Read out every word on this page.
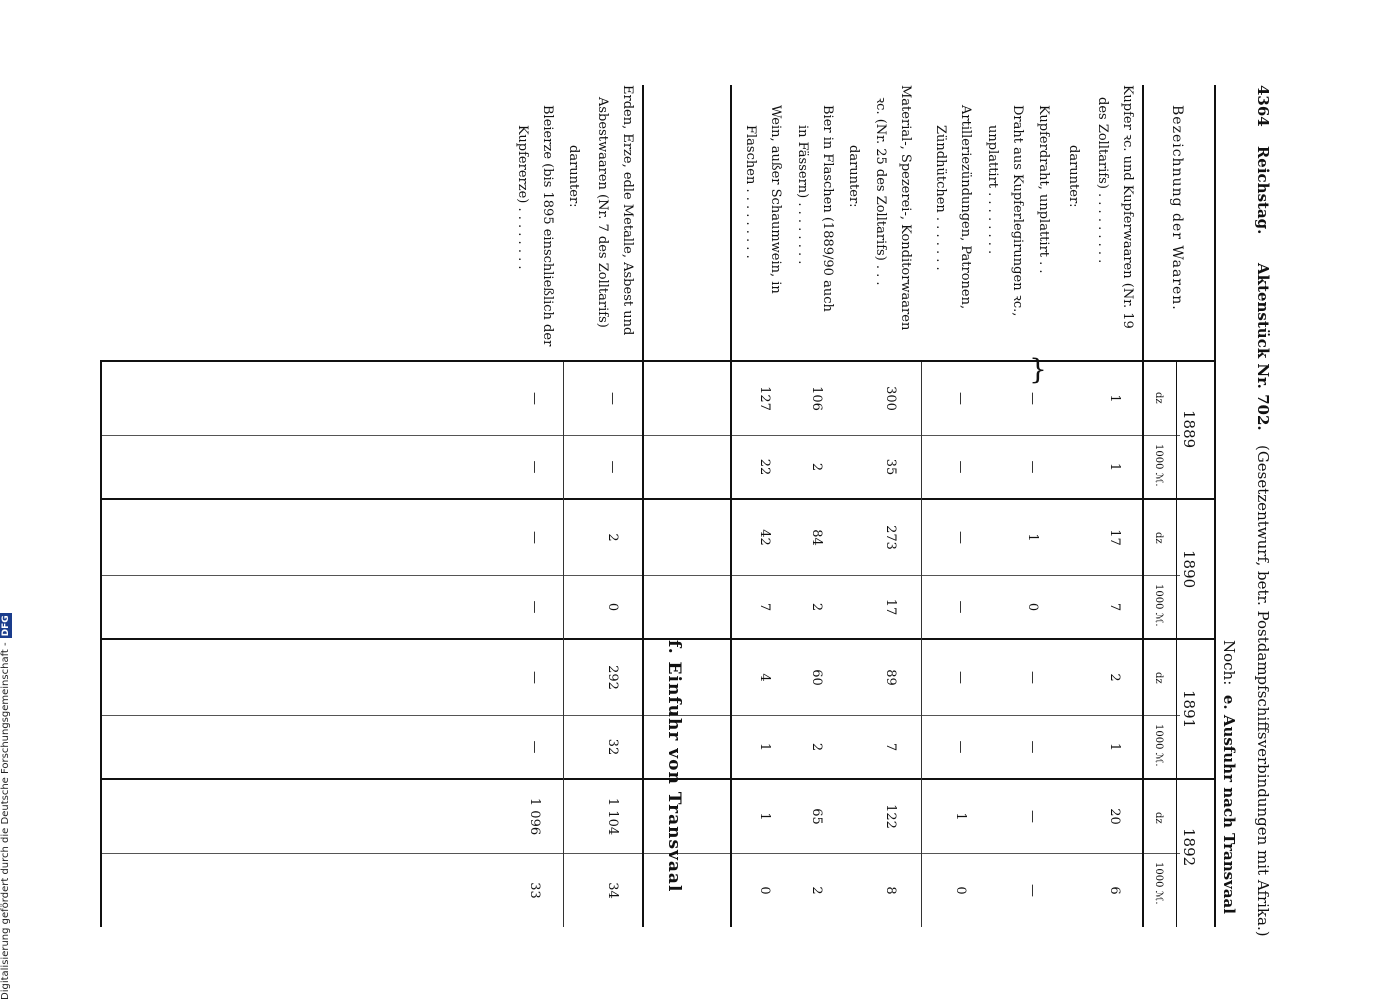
4364    Reichstag.      Aktenstück Nr. 702.   (Gesetzentwurf, betr. Postdampfschiffsverbindungen mit Afrika.)
Noch:  e. Ausfuhr nach Transvaal
Bezeichnung der Waaren.
1889
1890
1891
1892
dz
1000 ℳ.
dz
1000 ℳ.
dz
1000 ℳ.
dz
1000 ℳ.
Kupfer ꝛc. und Kupferwaaren (Nr. 19
des Zolltarifs) . . . . . . . . .
darunter:
Kupferdraht, unplattirt . .
Draht aus Kupferlegirungen ꝛc.,
unplattirt . . . . . . . .
Artilleriezündungen, Patronen,
Zündhütchen . . . . . . .
Material-, Spezerei-, Konditorwaaren
ꝛc. (Nr. 25 des Zolltarifs) . . .
darunter:
Bier in Flaschen (1889/90 auch
in Fässern) . . . . . . . .
Wein, außer Schaumwein, in
Flaschen . . . . . . . . .
f. Einfuhr von Transvaal
Erden, Erze, edle Metalle, Asbest und
Asbestwaaren (Nr. 7 des Zolltarifs)
darunter:
Bleierze (bis 1895 einschließlich der
Kupfererze) . . . . . . . .
1
1
17
7
2
1
20
6
—
—
1
0
—
—
—
—
—
—
—
—
—
—
1
0
300
35
273
17
89
7
122
8
106
2
84
2
60
2
65
2
127
22
42
7
4
1
1
0
—
—
2
0
292
32
1 104
34
—
—
—
—
—
—
1 096
33
{
Digitalisierung gefördert durch die Deutsche Forschungsgemeinschaft -DFG
